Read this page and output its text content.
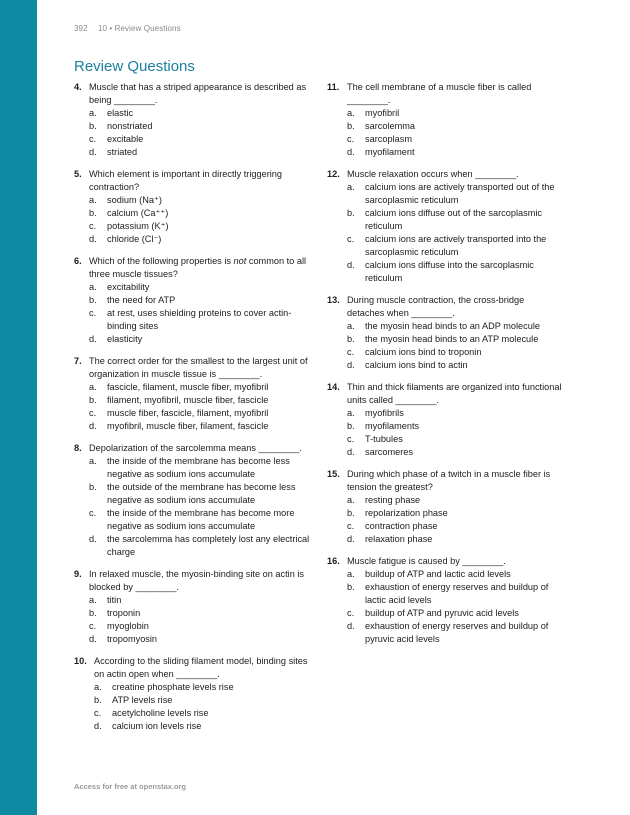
392 10 • Review Questions
Review Questions
4. Muscle that has a striped appearance is described as being ________.
a.	elastic
b.	nonstriated
c.	excitable
d.	striated
5. Which element is important in directly triggering contraction?
a.	sodium (Na⁺)
b.	calcium (Ca⁺⁺)
c.	potassium (K⁺)
d.	chloride (Cl⁻)
6. Which of the following properties is not common to all three muscle tissues?
a.	excitability
b.	the need for ATP
c.	at rest, uses shielding proteins to cover actin-binding sites
d.	elasticity
7. The correct order for the smallest to the largest unit of organization in muscle tissue is ________.
a.	fascicle, filament, muscle fiber, myofibril
b.	filament, myofibril, muscle fiber, fascicle
c.	muscle fiber, fascicle, filament, myofibril
d.	myofibril, muscle fiber, filament, fascicle
8. Depolarization of the sarcolemma means ________.
a.	the inside of the membrane has become less negative as sodium ions accumulate
b.	the outside of the membrane has become less negative as sodium ions accumulate
c.	the inside of the membrane has become more negative as sodium ions accumulate
d.	the sarcolemma has completely lost any electrical charge
9. In relaxed muscle, the myosin-binding site on actin is blocked by ________.
a.	titin
b.	troponin
c.	myoglobin
d.	tropomyosin
10. According to the sliding filament model, binding sites on actin open when ________.
a.	creatine phosphate levels rise
b.	ATP levels rise
c.	acetylcholine levels rise
d.	calcium ion levels rise
11. The cell membrane of a muscle fiber is called ________.
a.	myofibril
b.	sarcolemma
c.	sarcoplasm
d.	myofilament
12. Muscle relaxation occurs when ________.
a.	calcium ions are actively transported out of the sarcoplasmic reticulum
b.	calcium ions diffuse out of the sarcoplasmic reticulum
c.	calcium ions are actively transported into the sarcoplasmic reticulum
d.	calcium ions diffuse into the sarcoplasmic reticulum
13. During muscle contraction, the cross-bridge detaches when ________.
a.	the myosin head binds to an ADP molecule
b.	the myosin head binds to an ATP molecule
c.	calcium ions bind to troponin
d.	calcium ions bind to actin
14. Thin and thick filaments are organized into functional units called ________.
a.	myofibrils
b.	myofilaments
c.	T-tubules
d.	sarcomeres
15. During which phase of a twitch in a muscle fiber is tension the greatest?
a.	resting phase
b.	repolarization phase
c.	contraction phase
d.	relaxation phase
16. Muscle fatigue is caused by ________.
a.	buildup of ATP and lactic acid levels
b.	exhaustion of energy reserves and buildup of lactic acid levels
c.	buildup of ATP and pyruvic acid levels
d.	exhaustion of energy reserves and buildup of pyruvic acid levels
Access for free at openstax.org
